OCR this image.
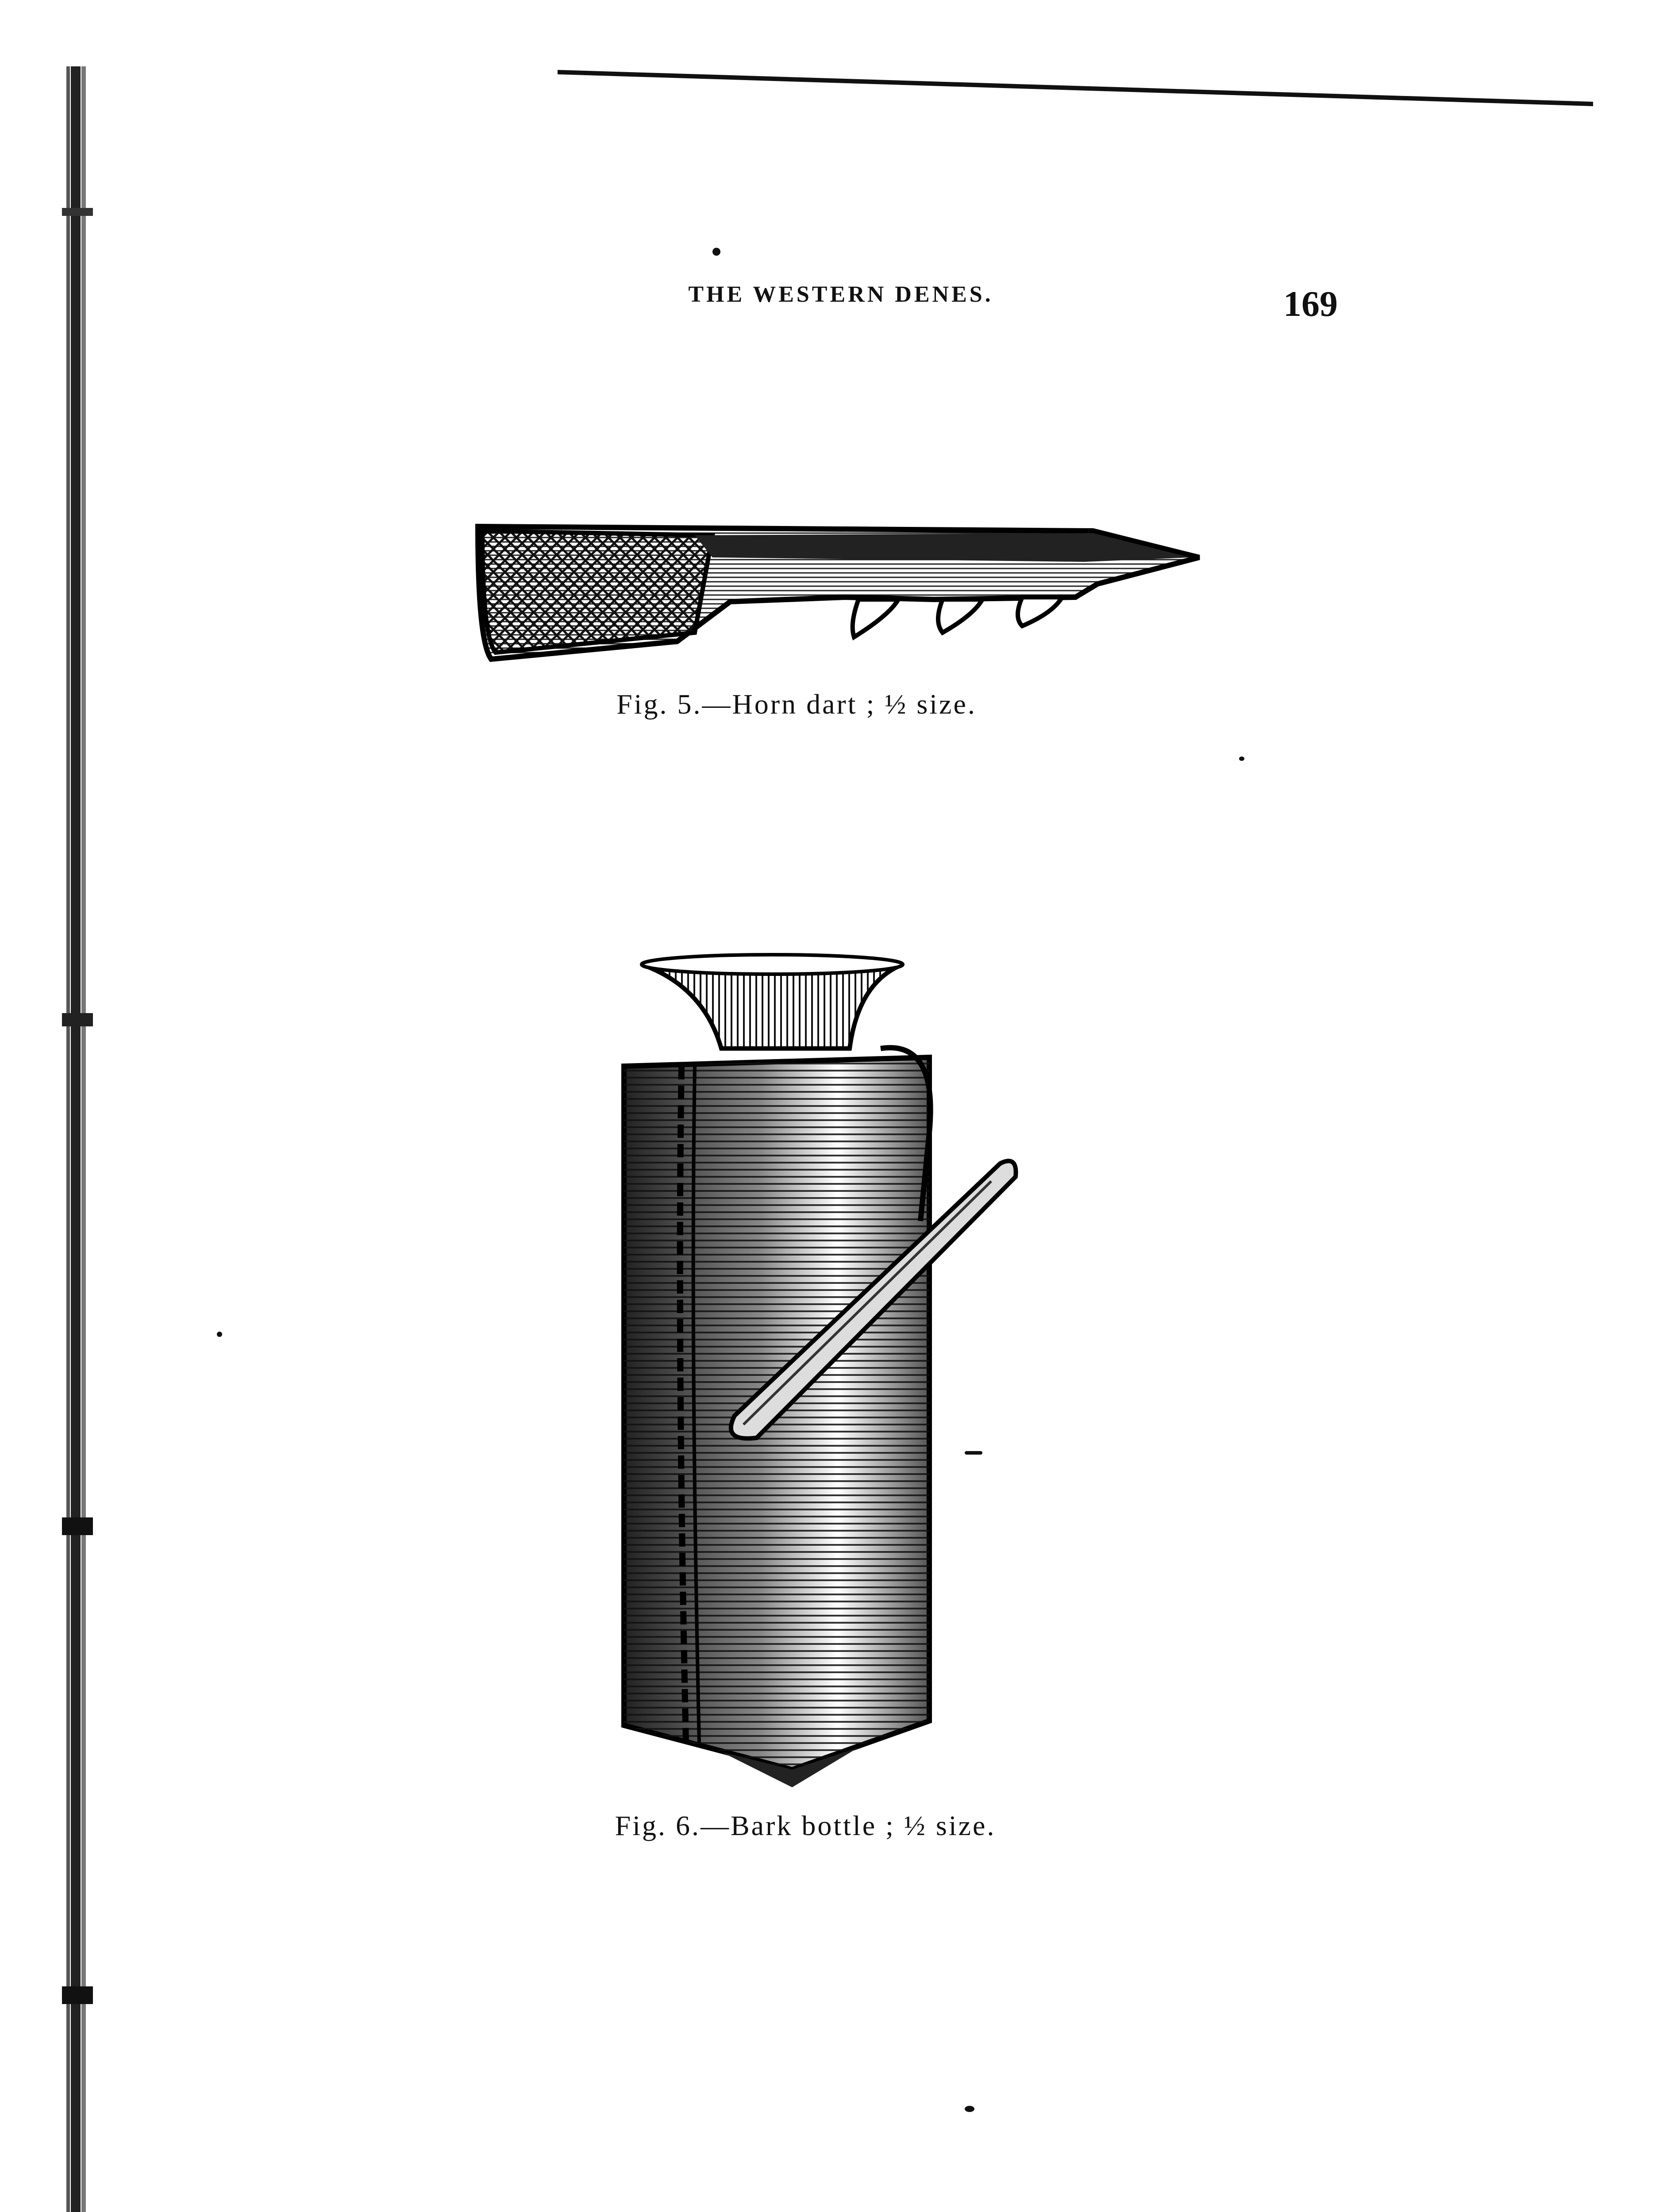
THE WESTERN DENES.	169
Fig. 5.—Horn dart ; ½ size.
Fig. 6.—Bark bottle ; ½ size.
